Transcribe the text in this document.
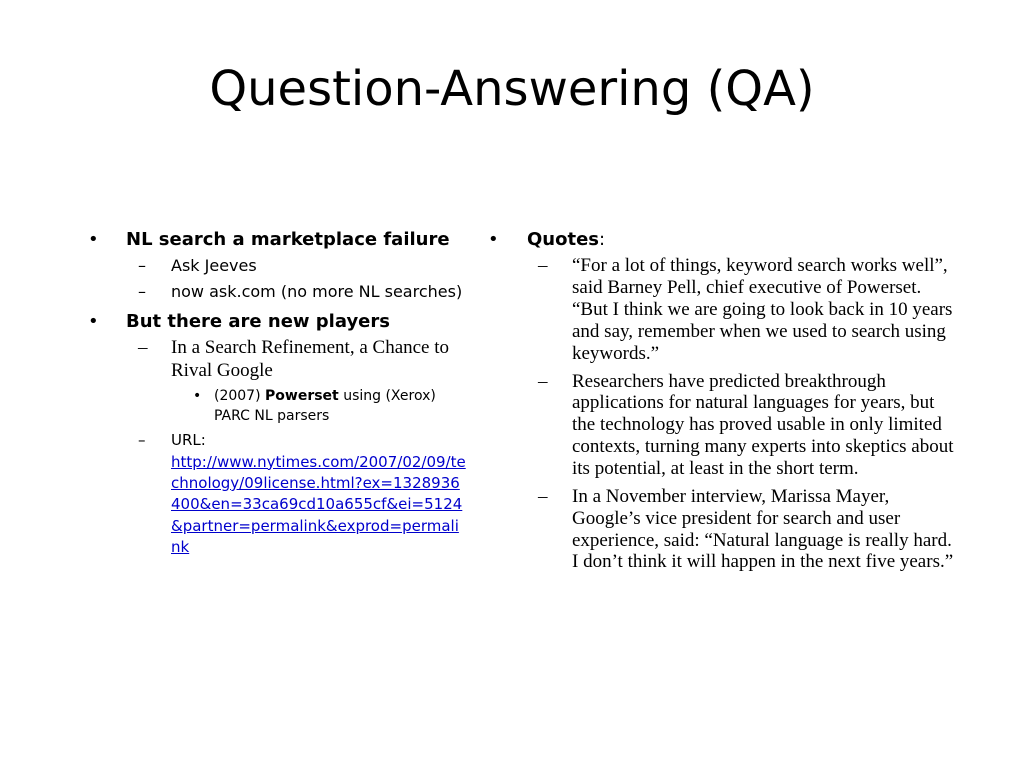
Question-Answering (QA)
• NL search a marketplace failure
– Ask Jeeves
– now ask.com (no more NL searches)
• But there are new players
– In a Search Refinement, a Chance to Rival Google
• (2007) Powerset using (Xerox) PARC NL parsers
– URL:
http://www.nytimes.com/2007/02/09/technology/09license.html?ex=1328936400&en=33ca69cd10a655cf&ei=5124&partner=permalink&exprod=permalink
• Quotes:
– “For a lot of things, keyword search works well”, said Barney Pell, chief executive of Powerset. “But I think we are going to look back in 10 years and say, remember when we used to search using keywords.”
– Researchers have predicted breakthrough applications for natural languages for years, but the technology has proved usable in only limited contexts, turning many experts into skeptics about its potential, at least in the short term.
– In a November interview, Marissa Mayer, Google’s vice president for search and user experience, said: “Natural language is really hard. I don’t think it will happen in the next five years.”
